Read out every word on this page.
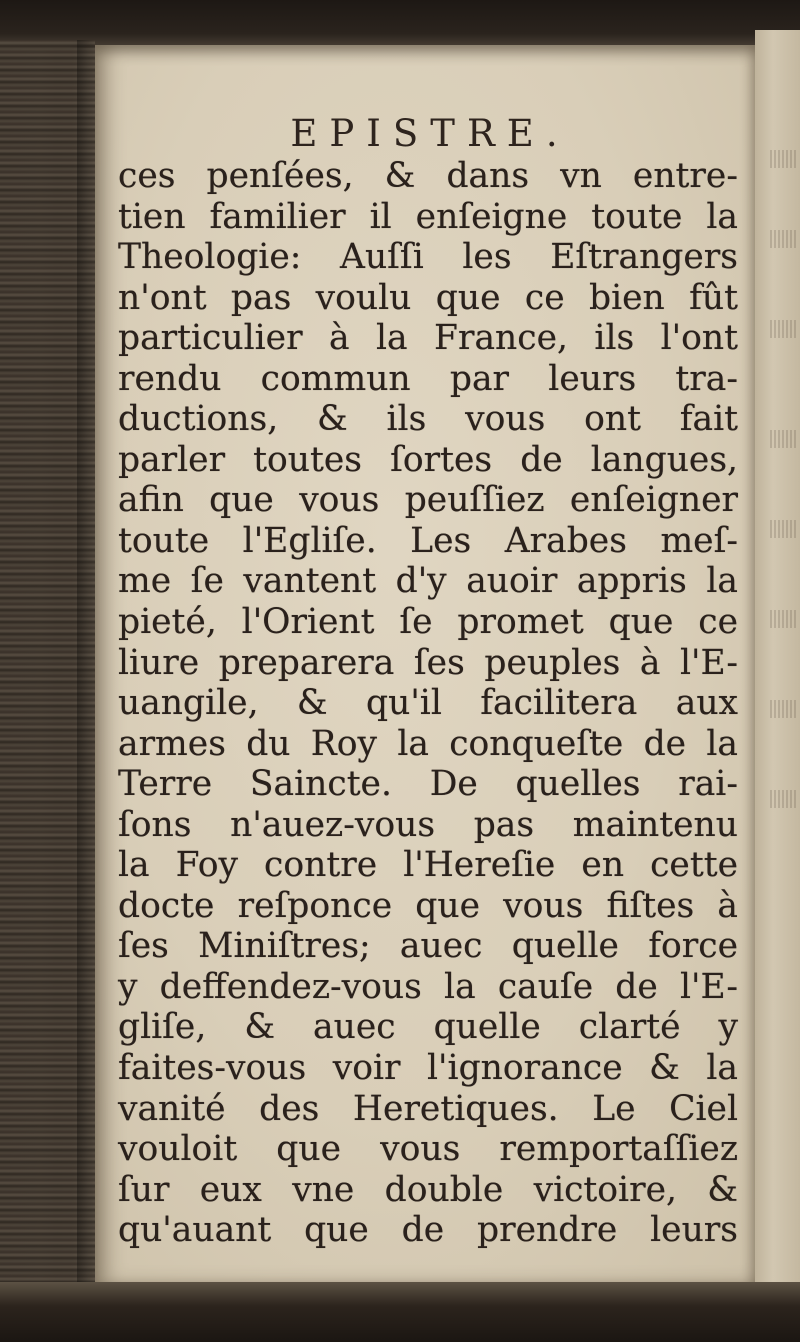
EPISTRE.
ces penſées, & dans vn entre-
tien familier il enſeigne toute la
Theologie: Auſſi les Eſtrangers
n'ont pas voulu que ce bien fût
particulier à la France, ils l'ont
rendu commun par leurs tra-
ductions, & ils vous ont fait
parler toutes ſortes de langues,
afin que vous peuſſiez enſeigner
toute l'Egliſe. Les Arabes meſ-
me ſe vantent d'y auoir appris la
pieté, l'Orient ſe promet que ce
liure preparera ſes peuples à l'E-
uangile, & qu'il facilitera aux
armes du Roy la conqueſte de la
Terre Saincte. De quelles rai-
ſons n'auez-vous pas maintenu
la Foy contre l'Hereſie en cette
docte reſponce que vous fiſtes à
ſes Miniſtres; auec quelle force
y deffendez-vous la cauſe de l'E-
gliſe, & auec quelle clarté y
faites-vous voir l'ignorance & la
vanité des Heretiques. Le Ciel
vouloit que vous remportaſſiez
ſur eux vne double victoire, &
qu'auant que de prendre leurs
